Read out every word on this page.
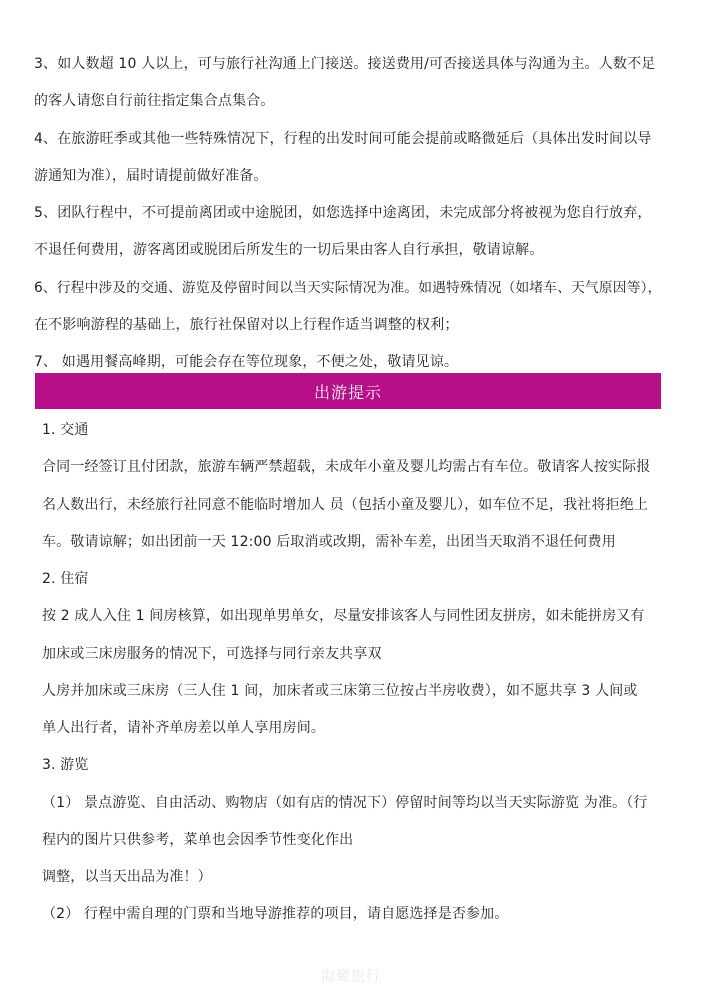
3、如人数超 10 人以上，可与旅行社沟通上门接送。接送费用/可否接送具体与沟通为主。人数不足
的客人请您自行前往指定集合点集合。
4、在旅游旺季或其他一些特殊情况下，行程的出发时间可能会提前或略微延后（具体出发时间以导
游通知为准），届时请提前做好准备。
5、团队行程中，不可提前离团或中途脱团，如您选择中途离团，未完成部分将被视为您自行放弃，
不退任何费用，游客离团或脱团后所发生的一切后果由客人自行承担，敬请谅解。
6、行程中涉及的交通、游览及停留时间以当天实际情况为准。如遇特殊情况（如堵车、天气原因等），
在不影响游程的基础上，旅行社保留对以上行程作适当调整的权利；
7、 如遇用餐高峰期，可能会存在等位现象，不便之处，敬请见谅。
出游提示
1. 交通
合同一经签订且付团款，旅游车辆严禁超载，未成年小童及婴儿均需占有车位。敬请客人按实际报
名人数出行，未经旅行社同意不能临时增加人 员（包括小童及婴儿），如车位不足，我社将拒绝上
车。敬请谅解；如出团前一天 12:00 后取消或改期，需补车差，出团当天取消不退任何费用
2. 住宿
按 2 成人入住 1 间房核算，如出现单男单女，尽量安排该客人与同性团友拼房，如未能拼房又有
加床或三床房服务的情况下，可选择与同行亲友共享双
人房并加床或三床房（三人住 1 间，加床者或三床第三位按占半房收费），如不愿共享 3 人间或
单人出行者，请补齐单房差以单人享用房间。
3. 游览
（1） 景点游览、自由活动、购物店（如有店的情况下）停留时间等均以当天实际游览 为准。（行
程内的图片只供参考，菜单也会因季节性变化作出
调整，以当天出品为准！）
（2） 行程中需自理的门票和当地导游推荐的项目，请自愿选择是否参加。
海鹭旅行
